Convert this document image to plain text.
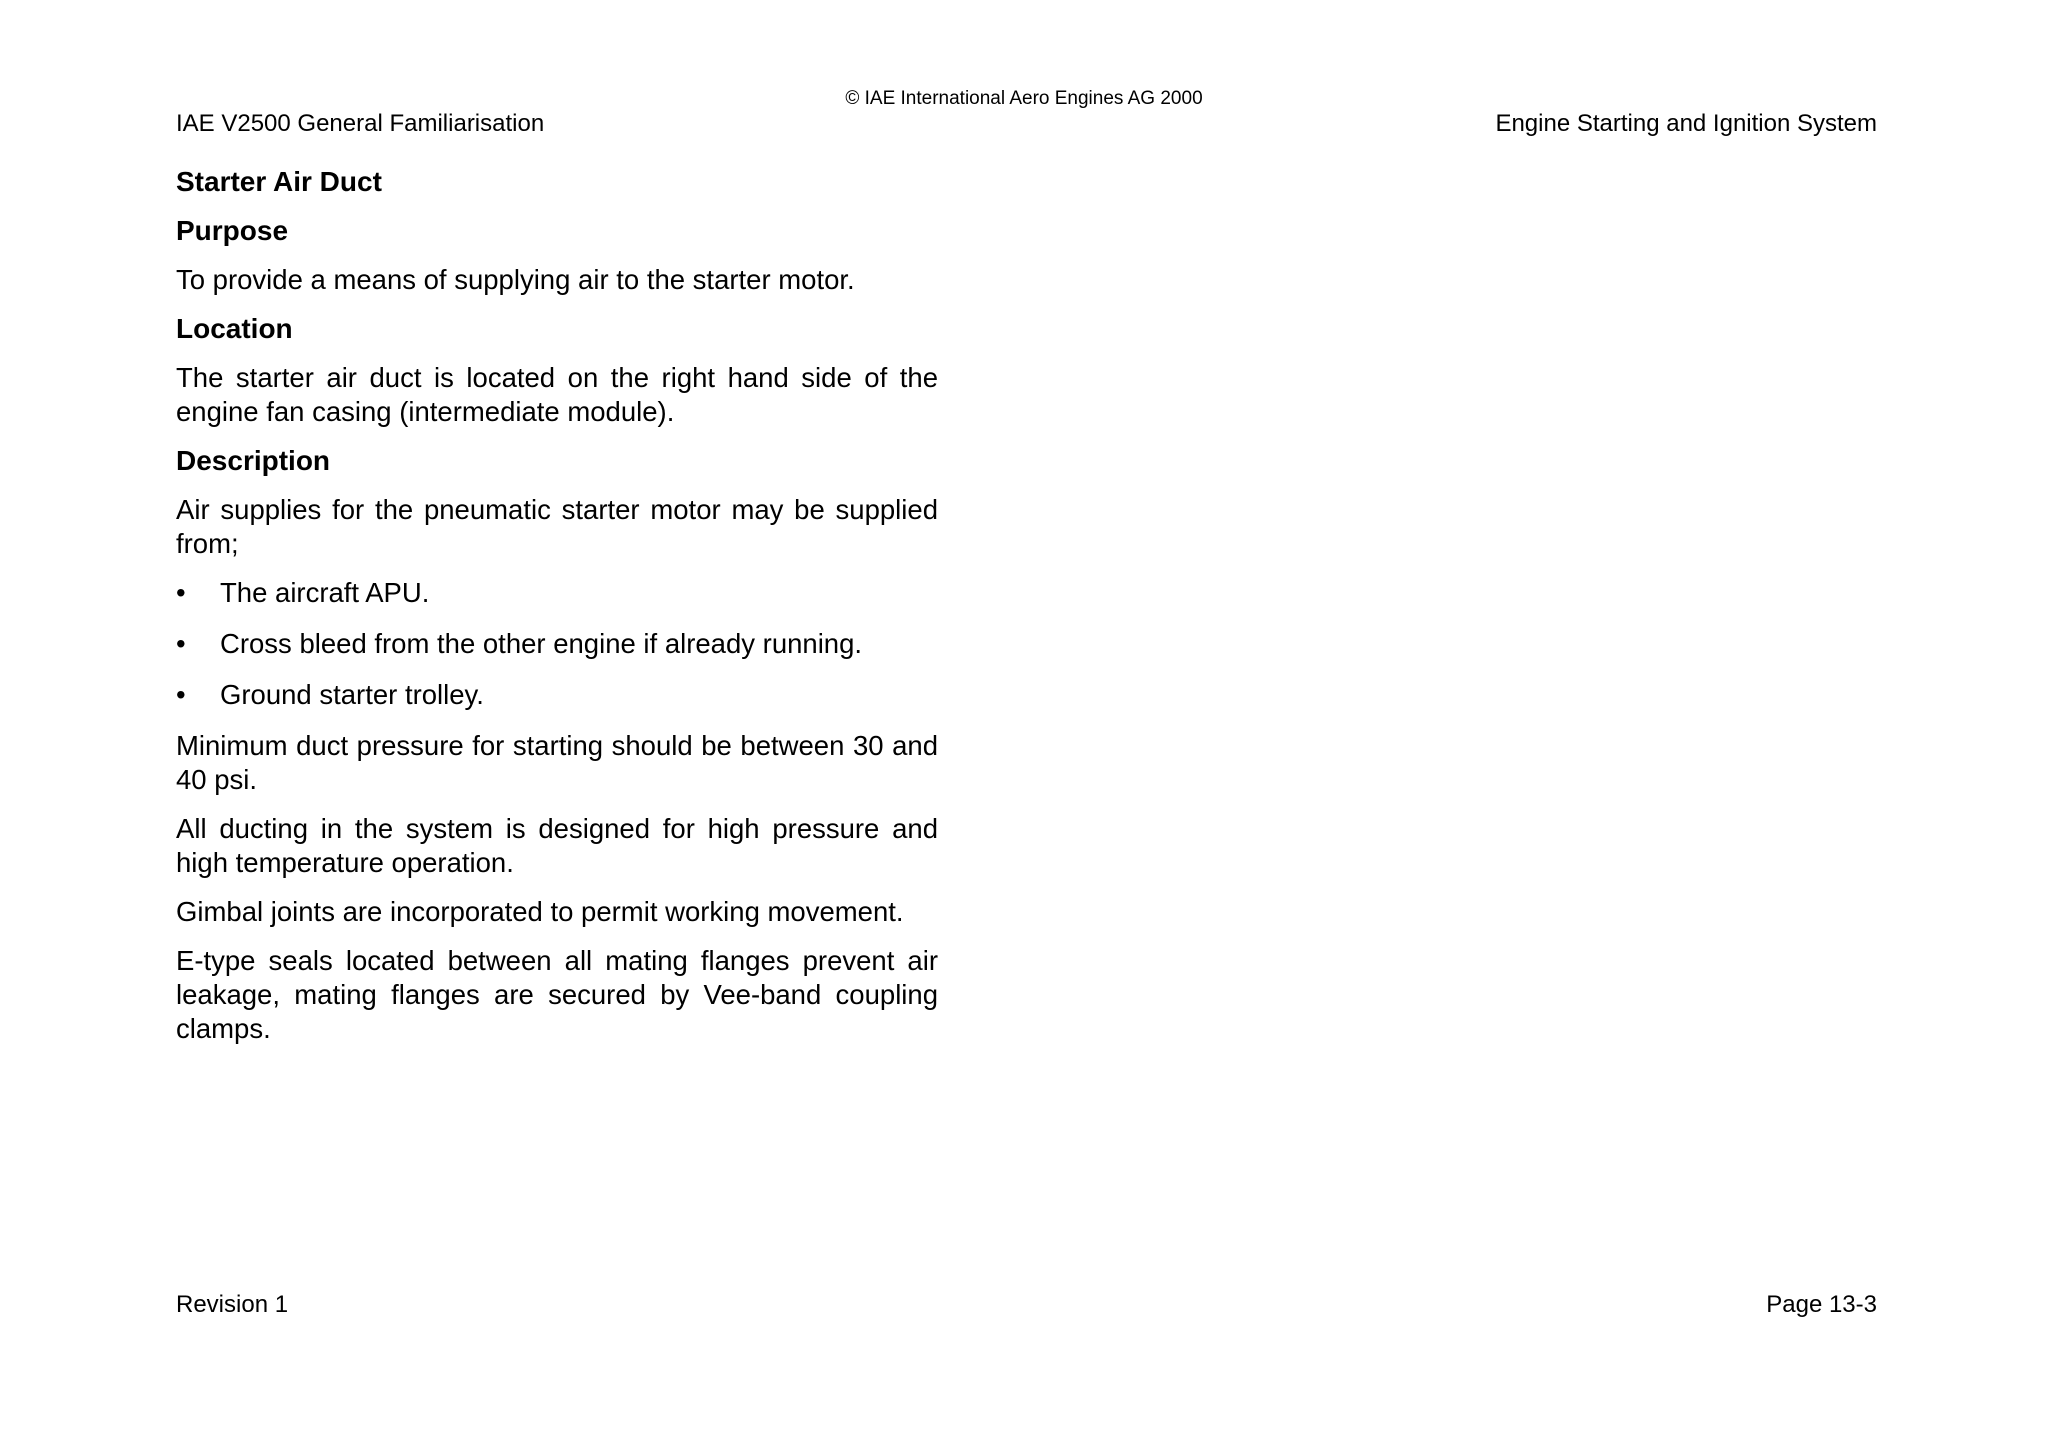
© IAE International Aero Engines AG 2000
IAE V2500 General Familiarisation	Engine Starting and Ignition System
Starter Air Duct
Purpose

To provide a means of supplying air to the starter motor.

Location

The starter air duct is located on the right hand side of the engine fan casing (intermediate module).

Description

Air supplies for the pneumatic starter motor may be supplied from;

•	The aircraft APU.
•	Cross bleed from the other engine if already running.
•	Ground starter trolley.

Minimum duct pressure for starting should be between 30 and 40 psi.

All ducting in the system is designed for high pressure and high temperature operation.

Gimbal joints are incorporated to permit working movement.

E-type seals located between all mating flanges prevent air leakage, mating flanges are secured by Vee-band coupling clamps.

Revision 1	Page 13-3
